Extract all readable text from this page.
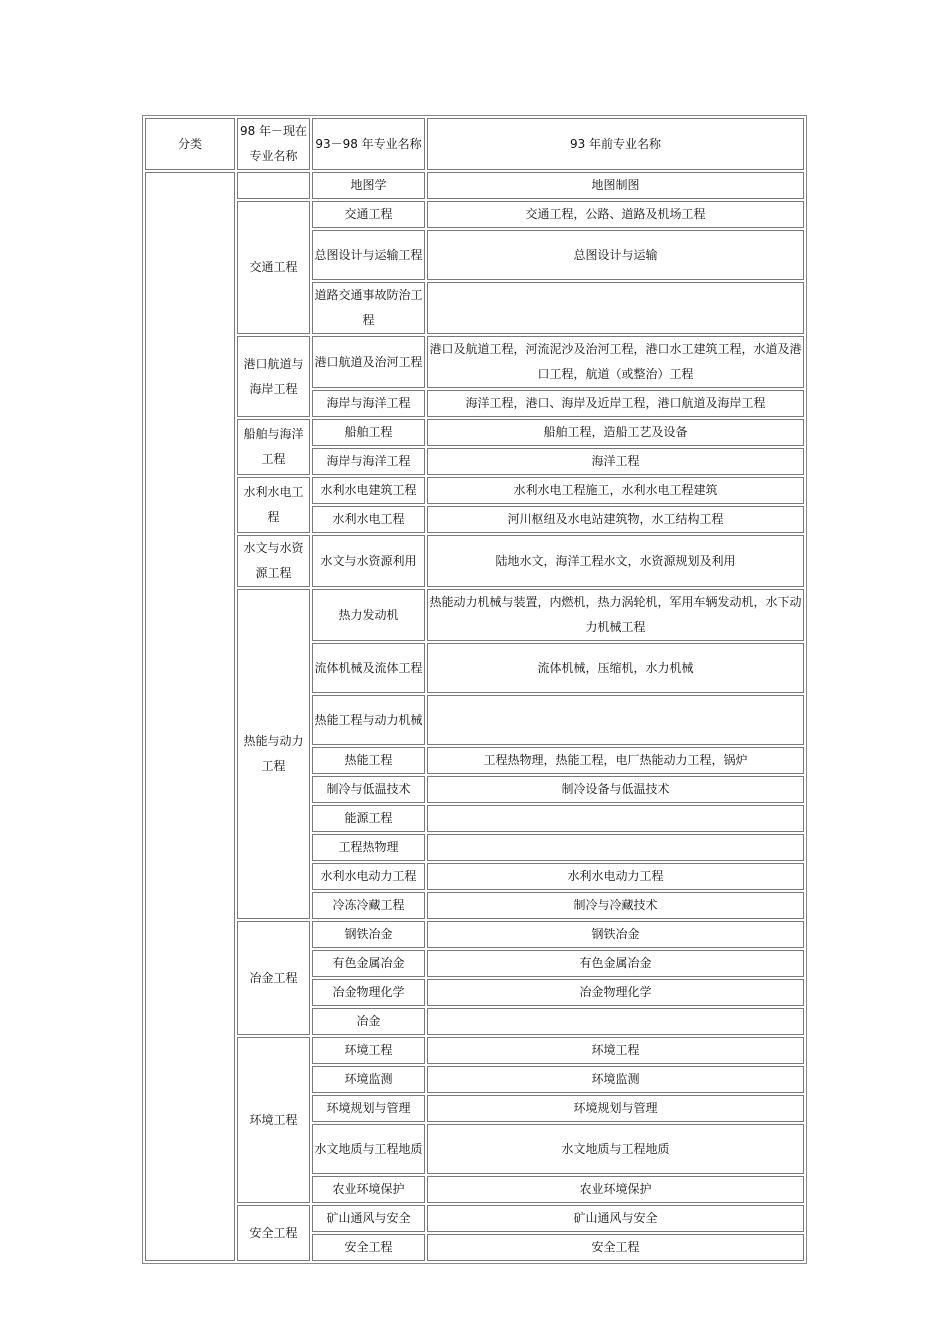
分类	98 年－现在专业名称	93－98 年专业名称	93 年前专业名称
		地图学	地图制图
	交通工程	交通工程	交通工程，公路、道路及机场工程
		总图设计与运输工程	总图设计与运输
		道路交通事故防治工程	
	港口航道与海岸工程	港口航道及治河工程	港口及航道工程，河流泥沙及治河工程，港口水工建筑工程，水道及港口工程，航道（或整治）工程
		海岸与海洋工程	海洋工程，港口、海岸及近岸工程，港口航道及海岸工程
	船舶与海洋工程	船舶工程	船舶工程，造船工艺及设备
		海岸与海洋工程	海洋工程
	水利水电工程	水利水电建筑工程	水利水电工程施工，水利水电工程建筑
		水利水电工程	河川枢纽及水电站建筑物，水工结构工程
	水文与水资源工程	水文与水资源利用	陆地水文，海洋工程水文，水资源规划及利用
	热能与动力工程	热力发动机	热能动力机械与装置，内燃机，热力涡轮机，军用车辆发动机，水下动力机械工程
		流体机械及流体工程	流体机械，压缩机，水力机械
		热能工程与动力机械	
		热能工程	工程热物理，热能工程，电厂热能动力工程，锅炉
		制冷与低温技术	制冷设备与低温技术
		能源工程	
		工程热物理	
		水利水电动力工程	水利水电动力工程
		冷冻冷藏工程	制冷与冷藏技术
	冶金工程	钢铁冶金	钢铁冶金
		有色金属冶金	有色金属冶金
		冶金物理化学	冶金物理化学
		冶金	
	环境工程	环境工程	环境工程
		环境监测	环境监测
		环境规划与管理	环境规划与管理
		水文地质与工程地质	水文地质与工程地质
		农业环境保护	农业环境保护
	安全工程	矿山通风与安全	矿山通风与安全
		安全工程	安全工程
